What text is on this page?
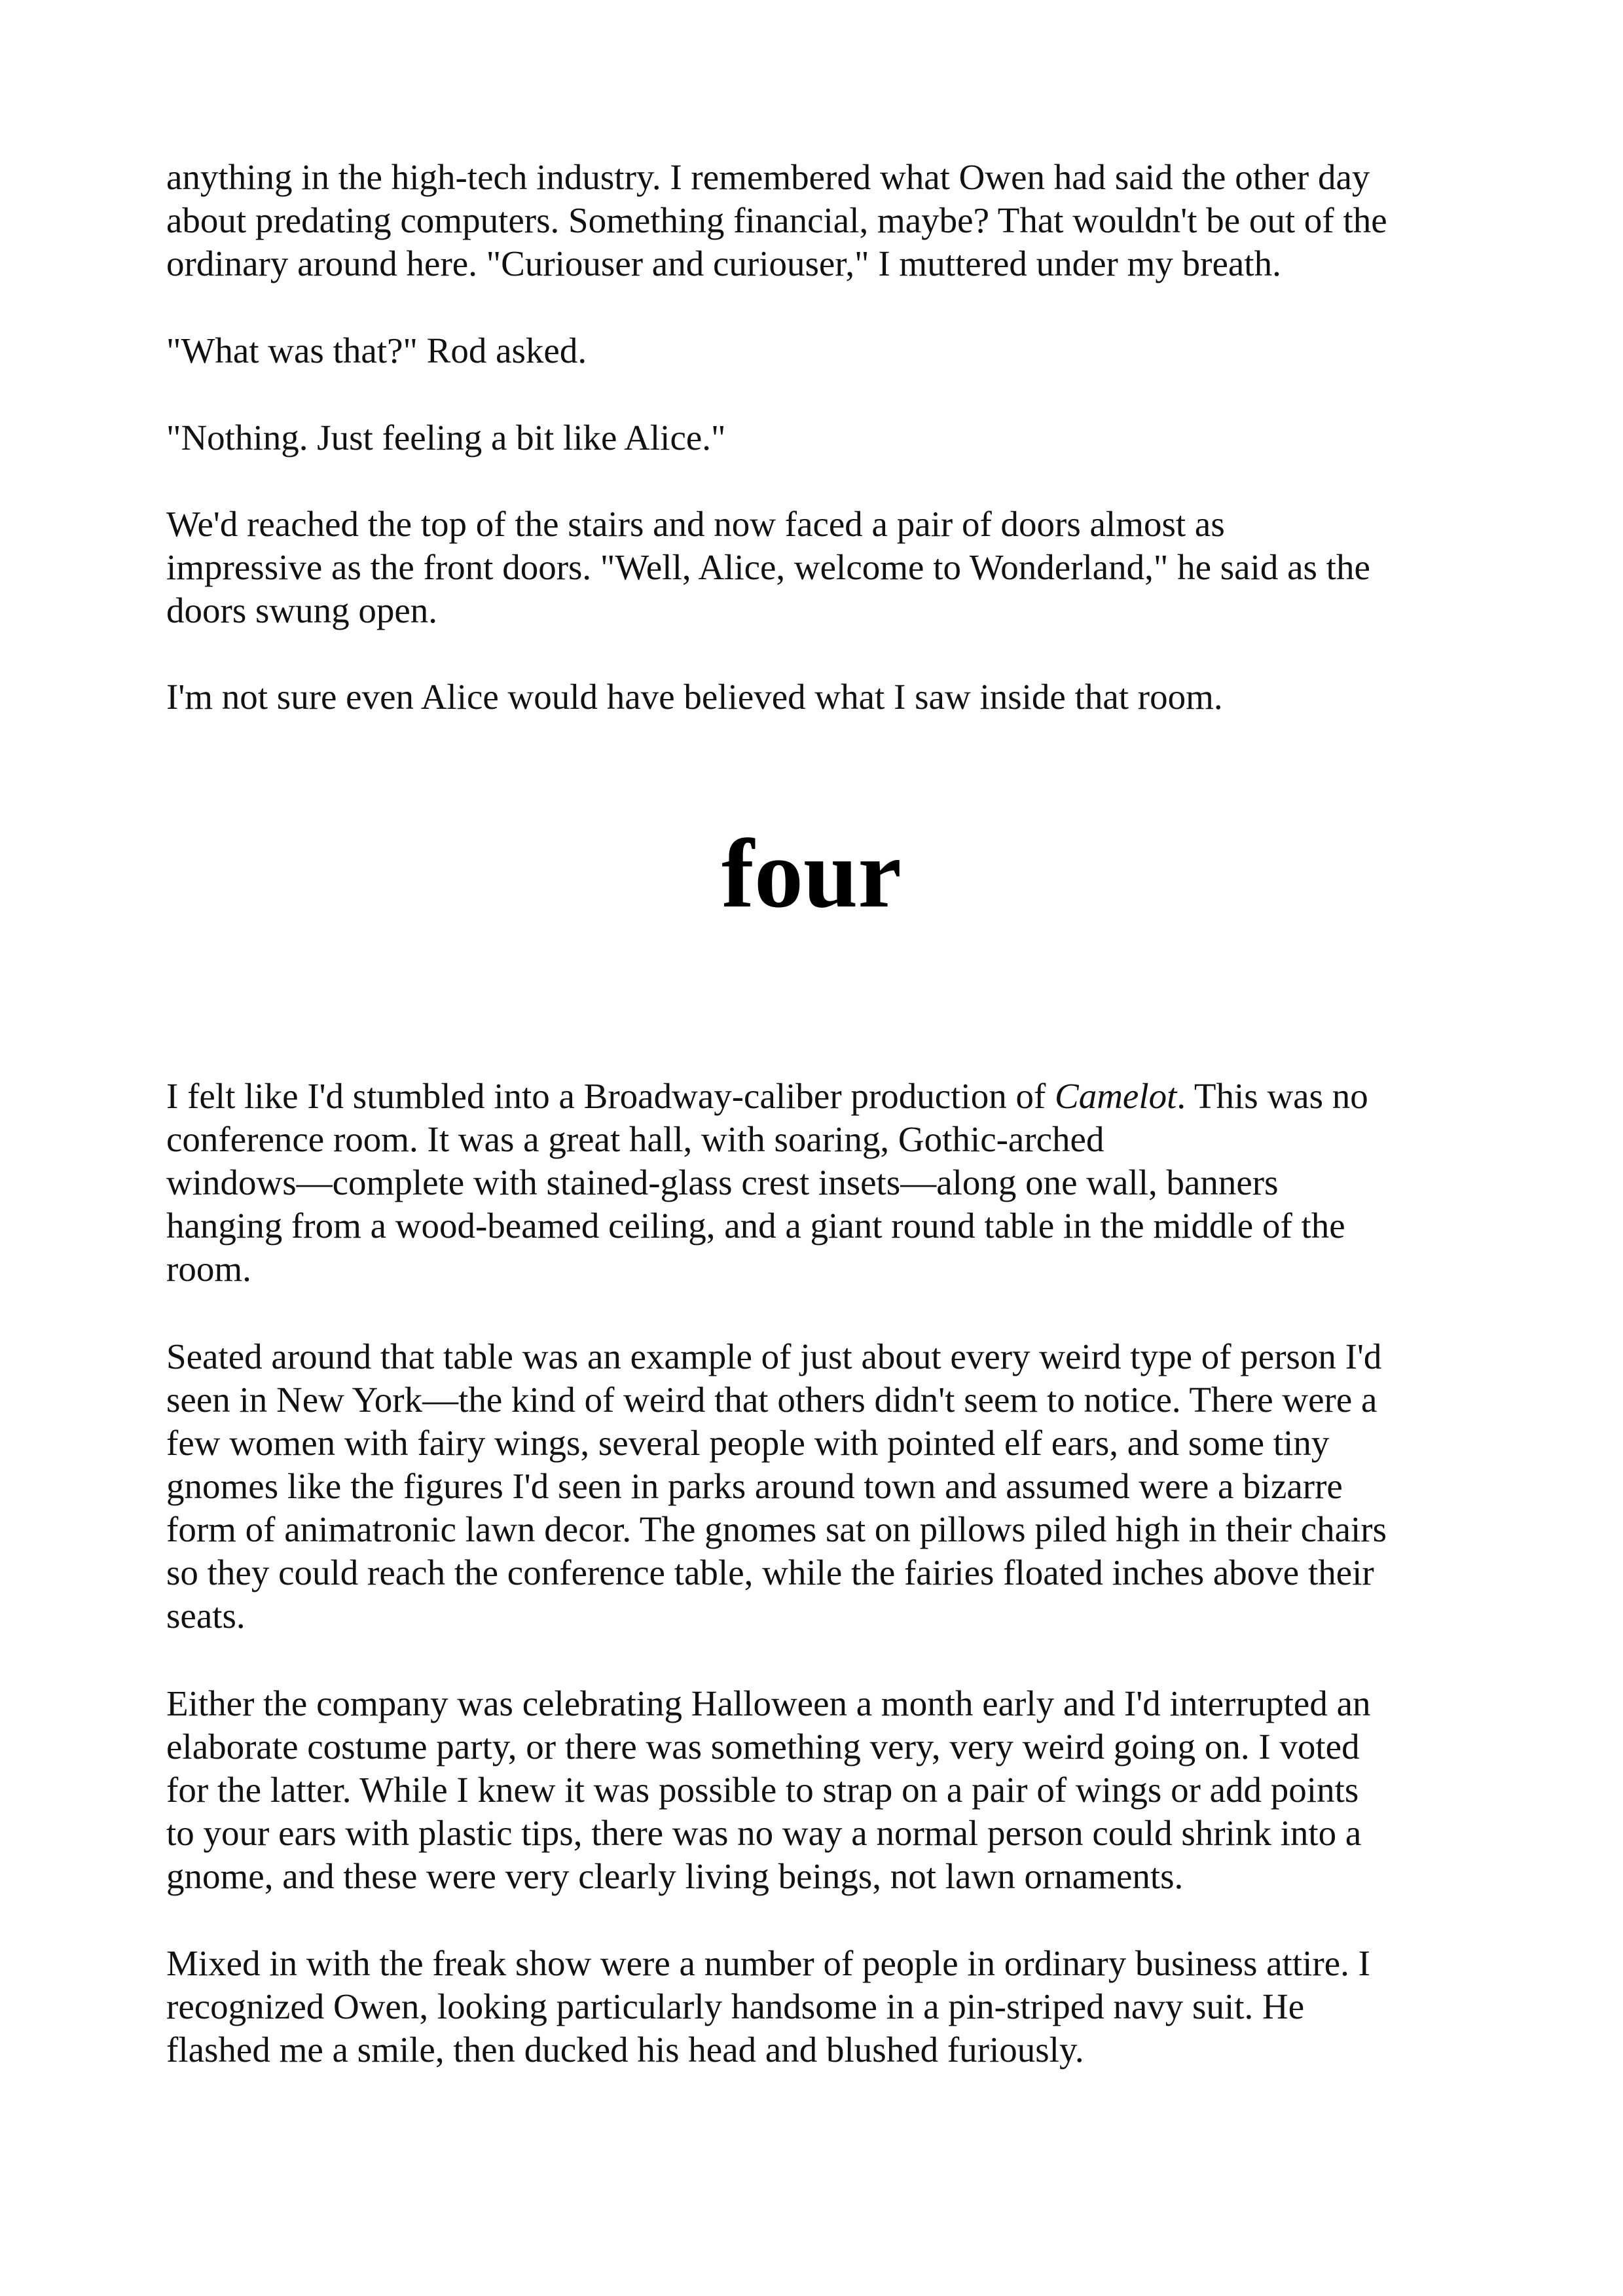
anything in the high-tech industry. I remembered what Owen had said the other day
about predating computers. Something financial, maybe? That wouldn't be out of the
ordinary around here. "Curiouser and curiouser," I muttered under my breath.

"What was that?" Rod asked.

"Nothing. Just feeling a bit like Alice."

We'd reached the top of the stairs and now faced a pair of doors almost as
impressive as the front doors. "Well, Alice, welcome to Wonderland," he said as the
doors swung open.

I'm not sure even Alice would have believed what I saw inside that room.

four

I felt like I'd stumbled into a Broadway-caliber production of Camelot. This was no
conference room. It was a great hall, with soaring, Gothic-arched
windows—complete with stained-glass crest insets—along one wall, banners
hanging from a wood-beamed ceiling, and a giant round table in the middle of the
room.

Seated around that table was an example of just about every weird type of person I'd
seen in New York—the kind of weird that others didn't seem to notice. There were a
few women with fairy wings, several people with pointed elf ears, and some tiny
gnomes like the figures I'd seen in parks around town and assumed were a bizarre
form of animatronic lawn decor. The gnomes sat on pillows piled high in their chairs
so they could reach the conference table, while the fairies floated inches above their
seats.

Either the company was celebrating Halloween a month early and I'd interrupted an
elaborate costume party, or there was something very, very weird going on. I voted
for the latter. While I knew it was possible to strap on a pair of wings or add points
to your ears with plastic tips, there was no way a normal person could shrink into a
gnome, and these were very clearly living beings, not lawn ornaments.

Mixed in with the freak show were a number of people in ordinary business attire. I
recognized Owen, looking particularly handsome in a pin-striped navy suit. He
flashed me a smile, then ducked his head and blushed furiously.
